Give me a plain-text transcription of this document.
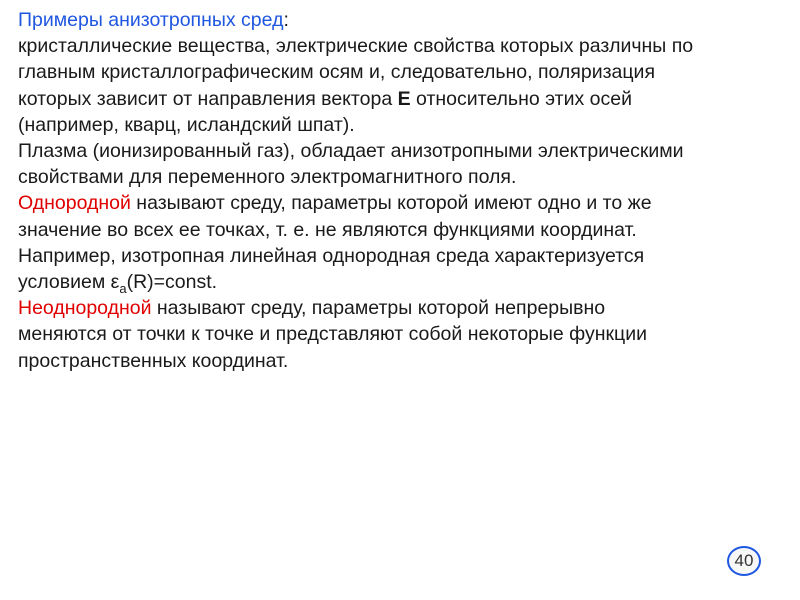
Примеры анизотропных сред:
кристаллические вещества, электрические свойства которых различны по
главным кристаллографическим осям и, следовательно, поляризация
которых зависит от направления вектора Е относительно этих осей
(например, кварц, исландский шпат).
Плазма (ионизированный газ), обладает анизотропными электрическими
свойствами для переменного электромагнитного поля.
Однородной называют среду, параметры которой имеют одно и то же
значение во всех ее точках, т. е. не являются функциями координат.
Например, изотропная линейная однородная среда характеризуется
условием $\varepsilon_а(R)=const$.
Неоднородной называют среду, параметры которой непрерывно
меняются от точки к точке и представляют собой некоторые функции
пространственных координат.
40
